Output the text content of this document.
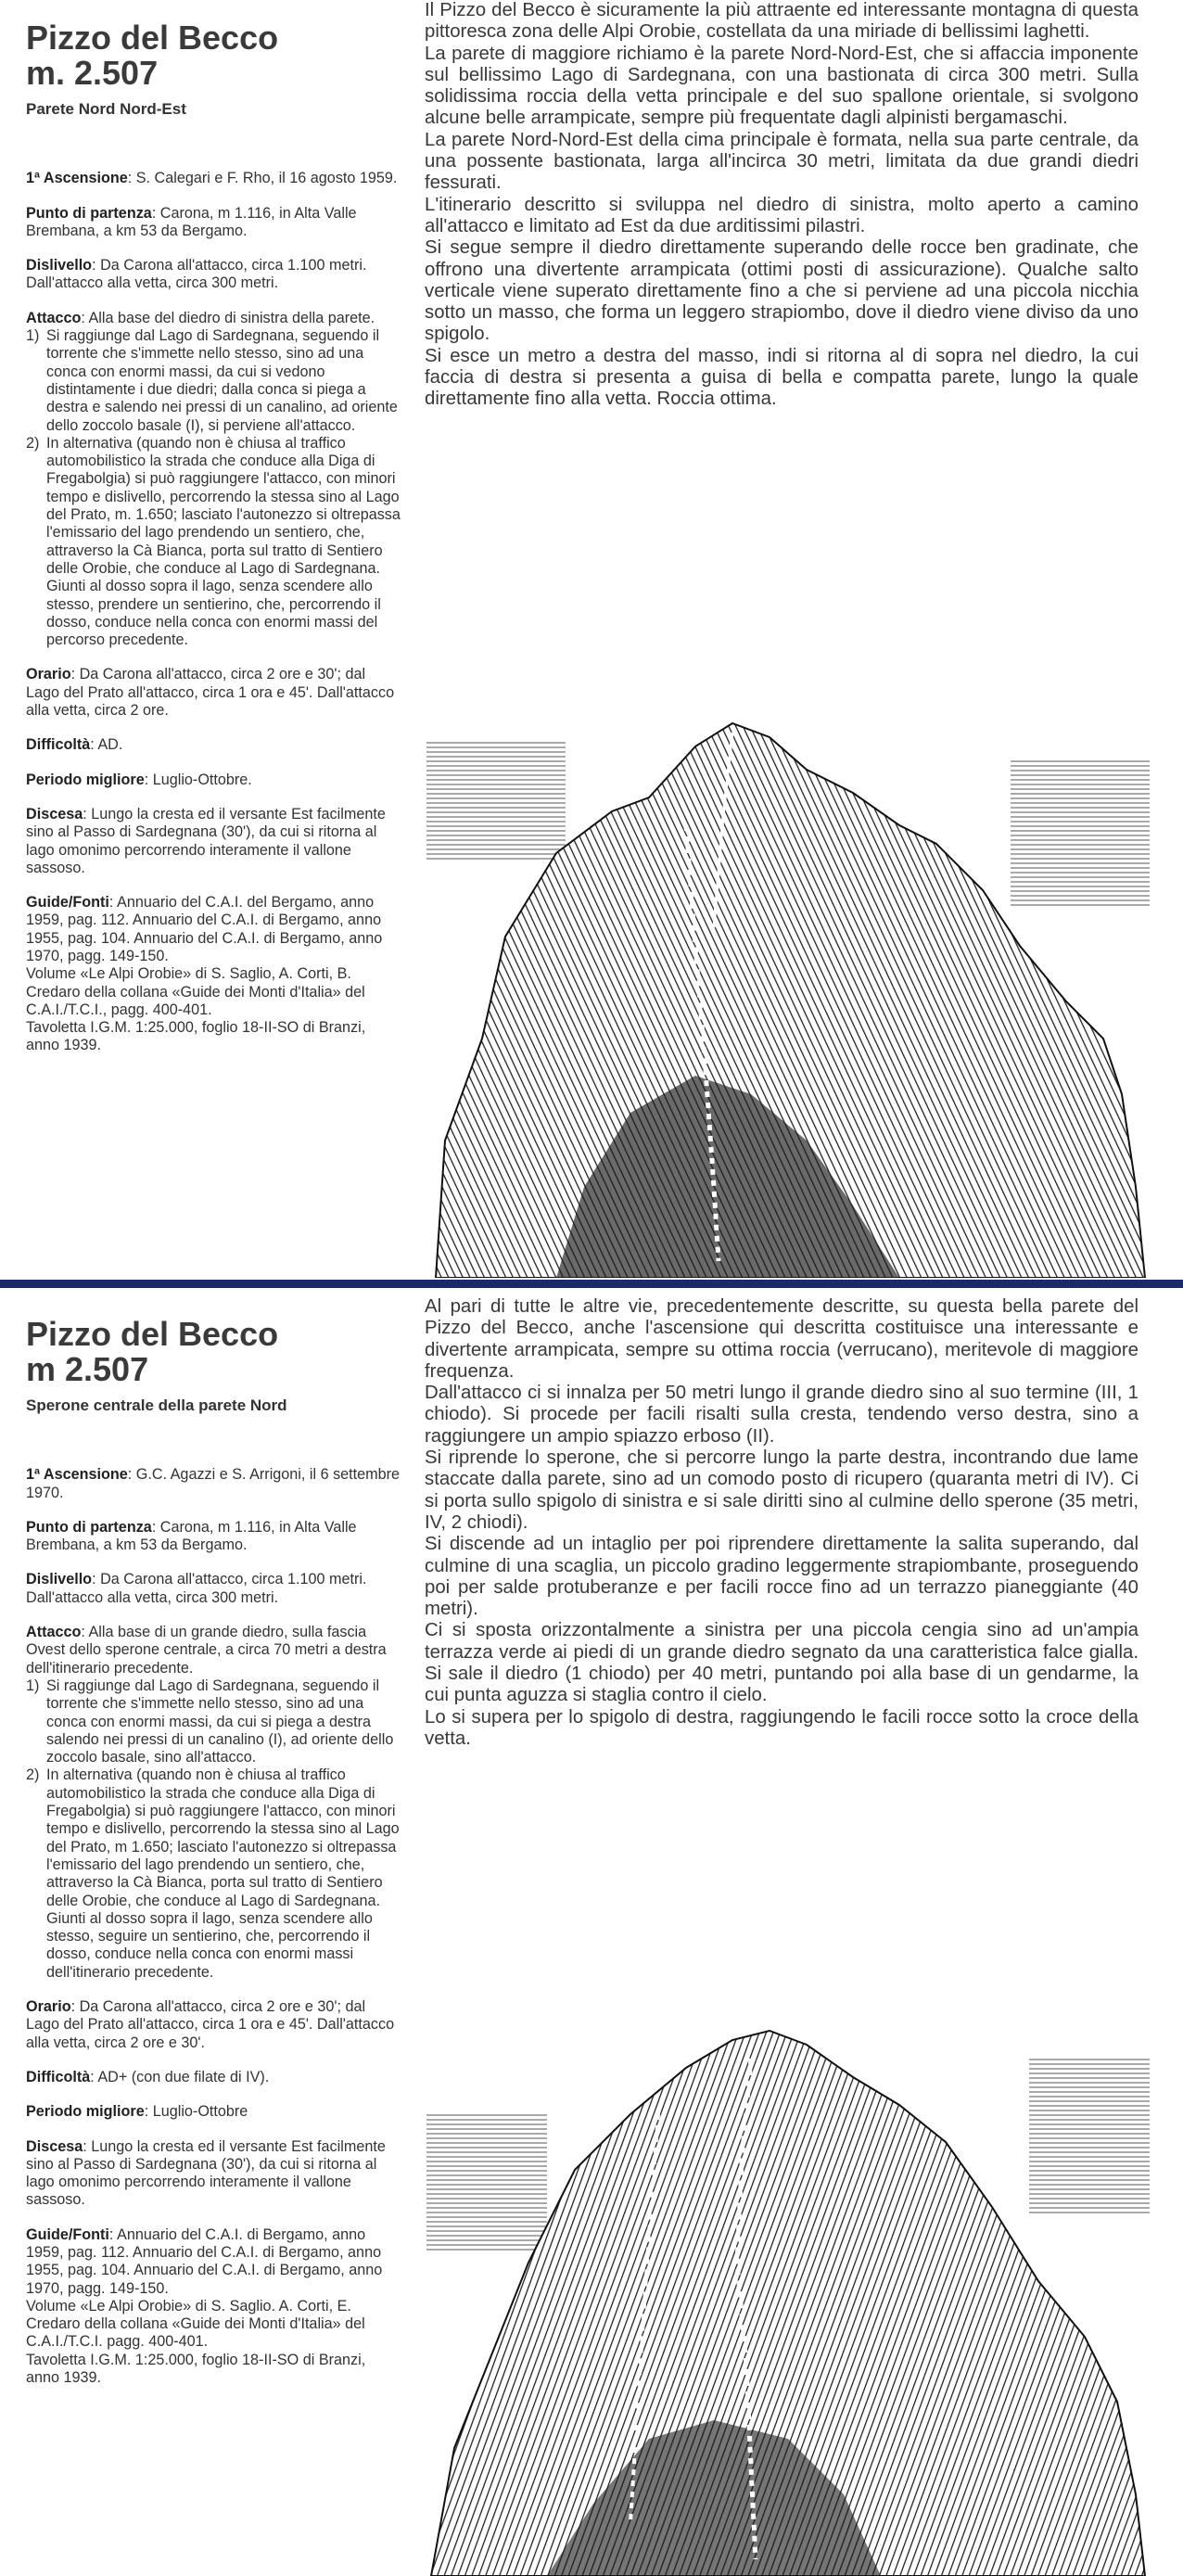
Pizzo del Becco
m. 2.507
Parete Nord Nord-Est

1ª Ascensione: S. Calegari e F. Rho, il 16 agosto 1959.

Punto di partenza: Carona, m 1.116, in Alta Valle Brembana, a km 53 da Bergamo.

Dislivello: Da Carona all'attacco, circa 1.100 metri. Dall'attacco alla vetta, circa 300 metri.

Attacco: Alla base del diedro di sinistra della parete.
1) Si raggiunge dal Lago di Sardegnana, seguendo il torrente che s'immette nello stesso, sino ad una conca con enormi massi, da cui si vedono distintamente i due diedri; dalla conca si piega a destra e salendo nei pressi di un canalino, ad oriente dello zoccolo basale (I), si perviene all'attacco.
2) In alternativa (quando non è chiusa al traffico automobilistico la strada che conduce alla Diga di Fregabolgia) si può raggiungere l'attacco, con minori tempo e dislivello, percorrendo la stessa sino al Lago del Prato, m. 1.650; lasciato l'autonezzo si oltrepassa l'emissario del lago prendendo un sentiero, che, attraverso la Cà Bianca, porta sul tratto di Sentiero delle Orobie, che conduce al Lago di Sardegnana. Giunti al dosso sopra il lago, senza scendere allo stesso, prendere un sentierino, che, percorrendo il dosso, conduce nella conca con enormi massi del percorso precedente.

Orario: Da Carona all'attacco, circa 2 ore e 30'; dal Lago del Prato all'attacco, circa 1 ora e 45'. Dall'attacco alla vetta, circa 2 ore.

Difficoltà: AD.

Periodo migliore: Luglio-Ottobre.

Discesa: Lungo la cresta ed il versante Est facilmente sino al Passo di Sardegnana (30'), da cui si ritorna al lago omonimo percorrendo interamente il vallone sassoso.

Guide/Fonti: Annuario del C.A.I. del Bergamo, anno 1959, pag. 112. Annuario del C.A.I. di Bergamo, anno 1955, pag. 104. Annuario del C.A.I. di Bergamo, anno 1970, pagg. 149-150.

Volume «Le Alpi Orobie» di S. Saglio, A. Corti, B. Credaro della collana «Guide dei Monti d'Italia» del C.A.I./T.C.I., pagg. 400-401.

Tavoletta I.G.M. 1:25.000, foglio 18-II-SO di Branzi, anno 1939.

Il Pizzo del Becco è sicuramente la più attraente ed interessante montagna di questa pittoresca zona delle Alpi Orobie, costellata da una miriade di bellissimi laghetti.

La parete di maggiore richiamo è la parete Nord-Nord-Est, che si affaccia imponente sul bellissimo Lago di Sardegnana, con una bastionata di circa 300 metri. Sulla solidissima roccia della vetta principale e del suo spallone orientale, si svolgono alcune belle arrampicate, sempre più frequentate dagli alpinisti bergamaschi.

La parete Nord-Nord-Est della cima principale è formata, nella sua parte centrale, da una possente bastionata, larga all'incirca 30 metri, limitata da due grandi diedri fessurati.

L'itinerario descritto si sviluppa nel diedro di sinistra, molto aperto a camino all'attacco e limitato ad Est da due arditissimi pilastri.

Si segue sempre il diedro direttamente superando delle rocce ben gradinate, che offrono una divertente arrampicata (ottimi posti di assicurazione). Qualche salto verticale viene superato direttamente fino a che si perviene ad una piccola nicchia sotto un masso, che forma un leggero strapiombo, dove il diedro viene diviso da uno spigolo.

Si esce un metro a destra del masso, indi si ritorna al di sopra nel diedro, la cui faccia di destra si presenta a guisa di bella e compatta parete, lungo la quale direttamente fino alla vetta. Roccia ottima.

Pizzo del Becco
m 2.507
Sperone centrale della parete Nord

1ª Ascensione: G.C. Agazzi e S. Arrigoni, il 6 settembre 1970.

Punto di partenza: Carona, m 1.116, in Alta Valle Brembana, a km 53 da Bergamo.

Dislivello: Da Carona all'attacco, circa 1.100 metri. Dall'attacco alla vetta, circa 300 metri.

Attacco: Alla base di un grande diedro, sulla fascia Ovest dello sperone centrale, a circa 70 metri a destra dell'itinerario precedente.
1) Si raggiunge dal Lago di Sardegnana, seguendo il torrente che s'immette nello stesso, sino ad una conca con enormi massi, da cui si piega a destra salendo nei pressi di un canalino (I), ad oriente dello zoccolo basale, sino all'attacco.
2) In alternativa (quando non è chiusa al traffico automobilistico la strada che conduce alla Diga di Fregabolgia) si può raggiungere l'attacco, con minori tempo e dislivello, percorrendo la stessa sino al Lago del Prato, m 1.650; lasciato l'autonezzo si oltrepassa l'emissario del lago prendendo un sentiero, che, attraverso la Cà Bianca, porta sul tratto di Sentiero delle Orobie, che conduce al Lago di Sardegnana. Giunti al dosso sopra il lago, senza scendere allo stesso, seguire un sentierino, che, percorrendo il dosso, conduce nella conca con enormi massi dell'itinerario precedente.

Orario: Da Carona all'attacco, circa 2 ore e 30'; dal Lago del Prato all'attacco, circa 1 ora e 45'. Dall'attacco alla vetta, circa 2 ore e 30'.

Difficoltà: AD+ (con due filate di IV).

Periodo migliore: Luglio-Ottobre

Discesa: Lungo la cresta ed il versante Est facilmente sino al Passo di Sardegnana (30'), da cui si ritorna al lago omonimo percorrendo interamente il vallone sassoso.

Guide/Fonti: Annuario del C.A.I. di Bergamo, anno 1959, pag. 112. Annuario del C.A.I. di Bergamo, anno 1955, pag. 104. Annuario del C.A.I. di Bergamo, anno 1970, pagg. 149-150.

Volume «Le Alpi Orobie» di S. Saglio. A. Corti, E. Credaro della collana «Guide dei Monti d'Italia» del C.A.I./T.C.I. pagg. 400-401.

Tavoletta I.G.M. 1:25.000, foglio 18-II-SO di Branzi, anno 1939.

Al pari di tutte le altre vie, precedentemente descritte, su questa bella parete del Pizzo del Becco, anche l'ascensione qui descritta costituisce una interessante e divertente arrampicata, sempre su ottima roccia (verrucano), meritevole di maggiore frequenza.

Dall'attacco ci si innalza per 50 metri lungo il grande diedro sino al suo termine (III, 1 chiodo). Si procede per facili risalti sulla cresta, tendendo verso destra, sino a raggiungere un ampio spiazzo erboso (II).

Si riprende lo sperone, che si percorre lungo la parte destra, incontrando due lame staccate dalla parete, sino ad un comodo posto di ricupero (quaranta metri di IV). Ci si porta sullo spigolo di sinistra e si sale diritti sino al culmine dello sperone (35 metri, IV, 2 chiodi).

Si discende ad un intaglio per poi riprendere direttamente la salita superando, dal culmine di una scaglia, un piccolo gradino leggermente strapiombante, proseguendo poi per salde protuberanze e per facili rocce fino ad un terrazzo pianeggiante (40 metri).

Ci si sposta orizzontalmente a sinistra per una piccola cengia sino ad un'ampia terrazza verde ai piedi di un grande diedro segnato da una caratteristica falce gialla. Si sale il diedro (1 chiodo) per 40 metri, puntando poi alla base di un gendarme, la cui punta aguzza si staglia contro il cielo.

Lo si supera per lo spigolo di destra, raggiungendo le facili rocce sotto la croce della vetta.
